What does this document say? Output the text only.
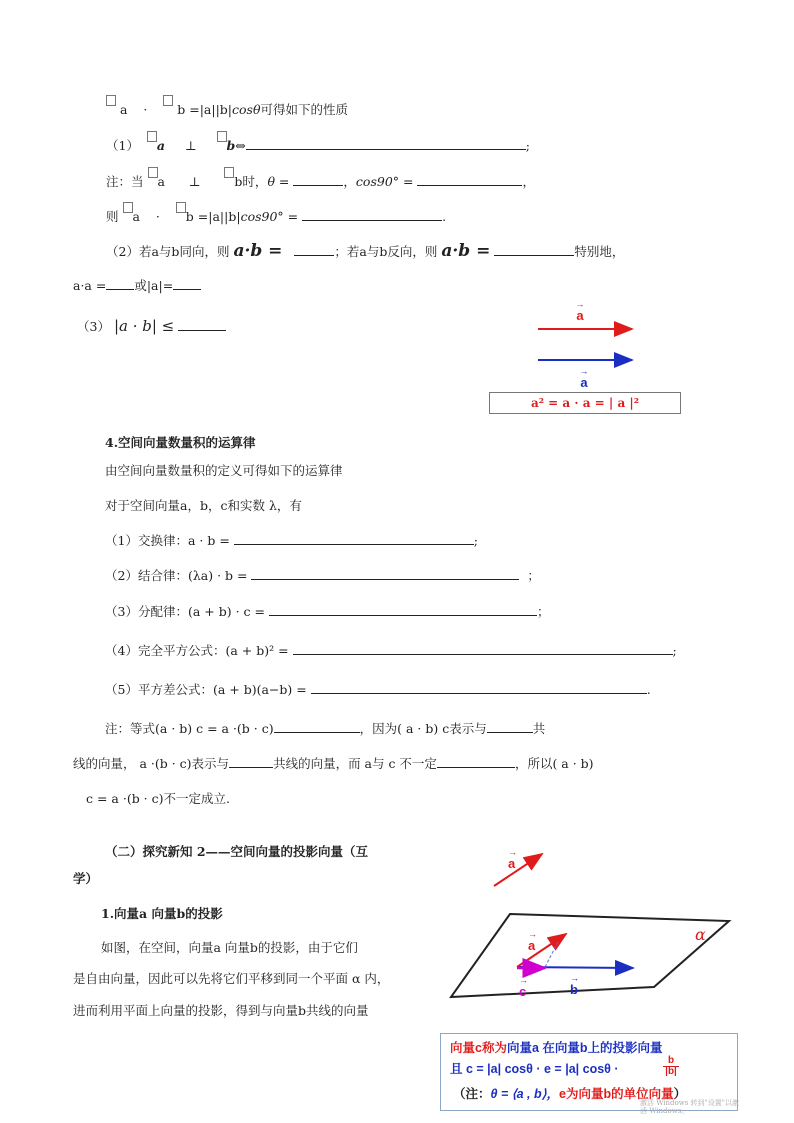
a · b =|a||b|cosθ可得如下的性质
（1） a ⊥ b⇔	;
注：当 a ⊥	b时，θ =	，cos90° =	，
则 a · b =|a||b|cos90° =	.
（2）若a与b同向，则 a·b =	；若a与b反向，则 a·b =	特别地，
a·a = 或|a|=
（3） |a · b| ≤
a
→
a
→
a² = a · a = | a |²
4.空间向量数量积的运算律
由空间向量数量积的定义可得如下的运算律
对于空间向量a，b，c和实数 λ，有
（1）交换律：a · b =	;
（2）结合律：(λa) · b =	；
（3）分配律：(a + b) · c =	；
（4）完全平方公式：(a + b)² =	;
（5）平方差公式：(a + b)(a−b) =	.
注：等式(a · b) c = a ·(b · c)	，因为( a · b) c表示与	共
线的向量， a ·(b · c)表示与	共线的向量，而 a与 c 不一定	，所以( a · b)
c = a ·(b · c)不一定成立.
（二）探究新知 2——空间向量的投影向量（互
学）
1.向量a 向量b的投影
如图，在空间，向量a 向量b的投影，由于它们
是自由向量，因此可以先将它们平移到同一个平面 α 内，
进而利用平面上向量的投影，得到与向量b共线的向量
a
→
α
a
→
b
→
c
→
向量c称为向量a 在向量b上的投影向量
且 c = |a| cosθ · e = |a| cosθ ·	$\frac{b}{|b|}$
（注：θ = ⟨a , b⟩，e为向量b的单位向量）
激活 Windows 转到"设置"以激活 Windows。
